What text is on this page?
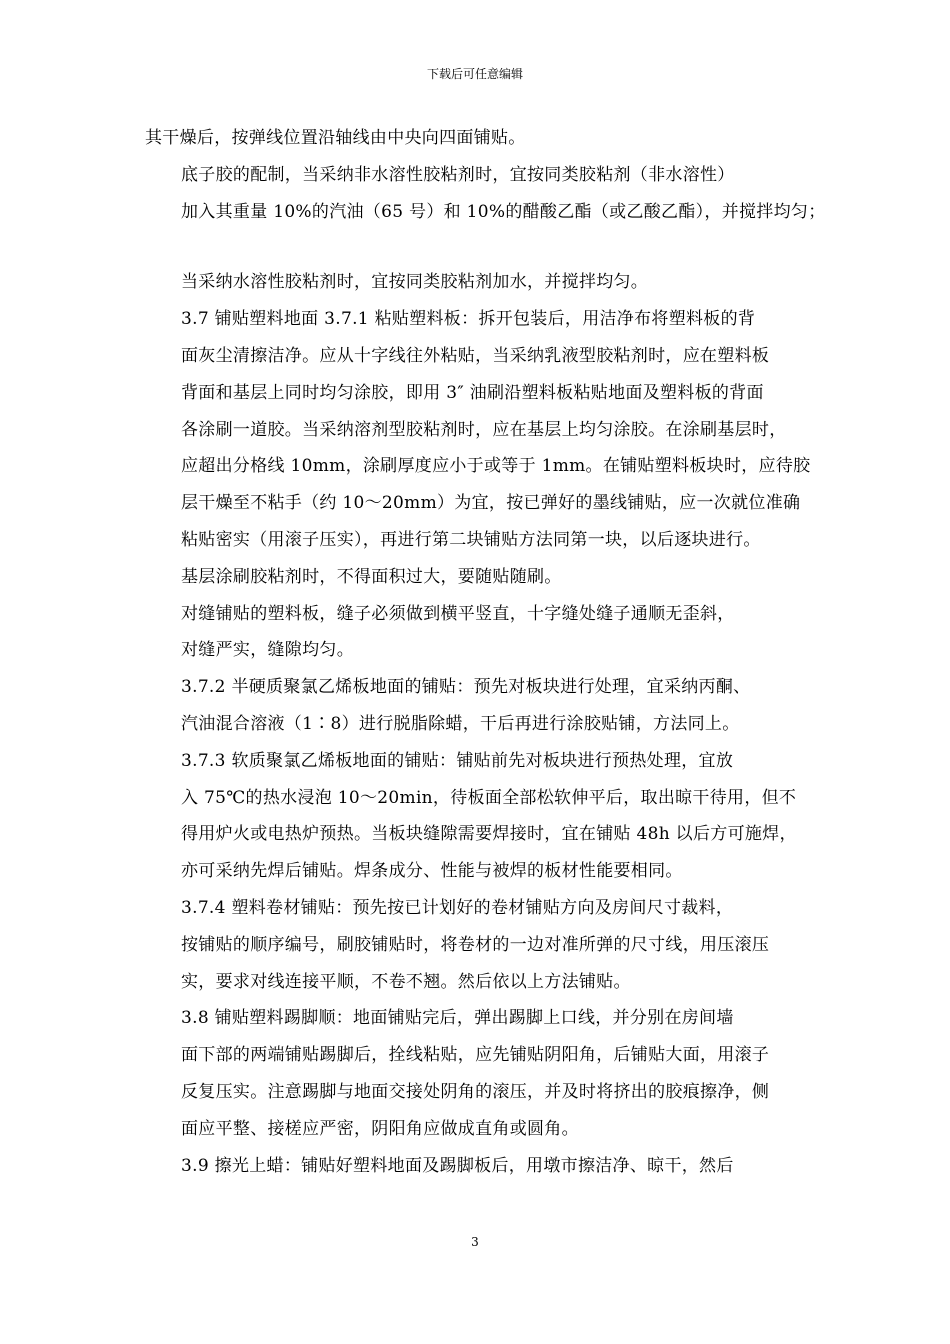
下载后可任意编辑

其干燥后，按弹线位置沿轴线由中央向四面铺贴。

底子胶的配制，当采纳非水溶性胶粘剂时，宜按同类胶粘剂（非水溶性）
加入其重量 10%的汽油（65 号）和 10%的醋酸乙酯（或乙酸乙酯），并搅拌均匀；

当采纳水溶性胶粘剂时，宜按同类胶粘剂加水，并搅拌均匀。

3.7 铺贴塑料地面 3.7.1 粘贴塑料板：拆开包装后，用洁净布将塑料板的背
面灰尘清擦洁净。应从十字线往外粘贴，当采纳乳液型胶粘剂时，应在塑料板
背面和基层上同时均匀涂胶，即用 3″ 油刷沿塑料板粘贴地面及塑料板的背面
各涂刷一道胶。当采纳溶剂型胶粘剂时，应在基层上均匀涂胶。在涂刷基层时，
应超出分格线 10mm，涂刷厚度应小于或等于 1mm。在铺贴塑料板块时，应待胶
层干燥至不粘手（约 10～20mm）为宜，按已弹好的墨线铺贴，应一次就位准确
粘贴密实（用滚子压实），再进行第二块铺贴方法同第一块，以后逐块进行。
基层涂刷胶粘剂时，不得面积过大，要随贴随刷。

对缝铺贴的塑料板，缝子必须做到横平竖直，十字缝处缝子通顺无歪斜，
对缝严实，缝隙均匀。

3.7.2 半硬质聚氯乙烯板地面的铺贴：预先对板块进行处理，宜采纳丙酮、
汽油混合溶液（1∶8）进行脱脂除蜡，干后再进行涂胶贴铺，方法同上。

3.7.3 软质聚氯乙烯板地面的铺贴：铺贴前先对板块进行预热处理，宜放
入 75℃的热水浸泡 10～20min，待板面全部松软伸平后，取出晾干待用，但不
得用炉火或电热炉预热。当板块缝隙需要焊接时，宜在铺贴 48h 以后方可施焊，
亦可采纳先焊后铺贴。焊条成分、性能与被焊的板材性能要相同。

3.7.4 塑料卷材铺贴：预先按已计划好的卷材铺贴方向及房间尺寸裁料，
按铺贴的顺序编号，刷胶铺贴时，将卷材的一边对准所弹的尺寸线，用压滚压
实，要求对线连接平顺，不卷不翘。然后依以上方法铺贴。

3.8 铺贴塑料踢脚顺：地面铺贴完后，弹出踢脚上口线，并分别在房间墙
面下部的两端铺贴踢脚后，拴线粘贴，应先铺贴阴阳角，后铺贴大面，用滚子
反复压实。注意踢脚与地面交接处阴角的滚压，并及时将挤出的胶痕擦净，侧
面应平整、接槎应严密，阴阳角应做成直角或圆角。

3.9 擦光上蜡：铺贴好塑料地面及踢脚板后，用墩市擦洁净、晾干，然后

3
